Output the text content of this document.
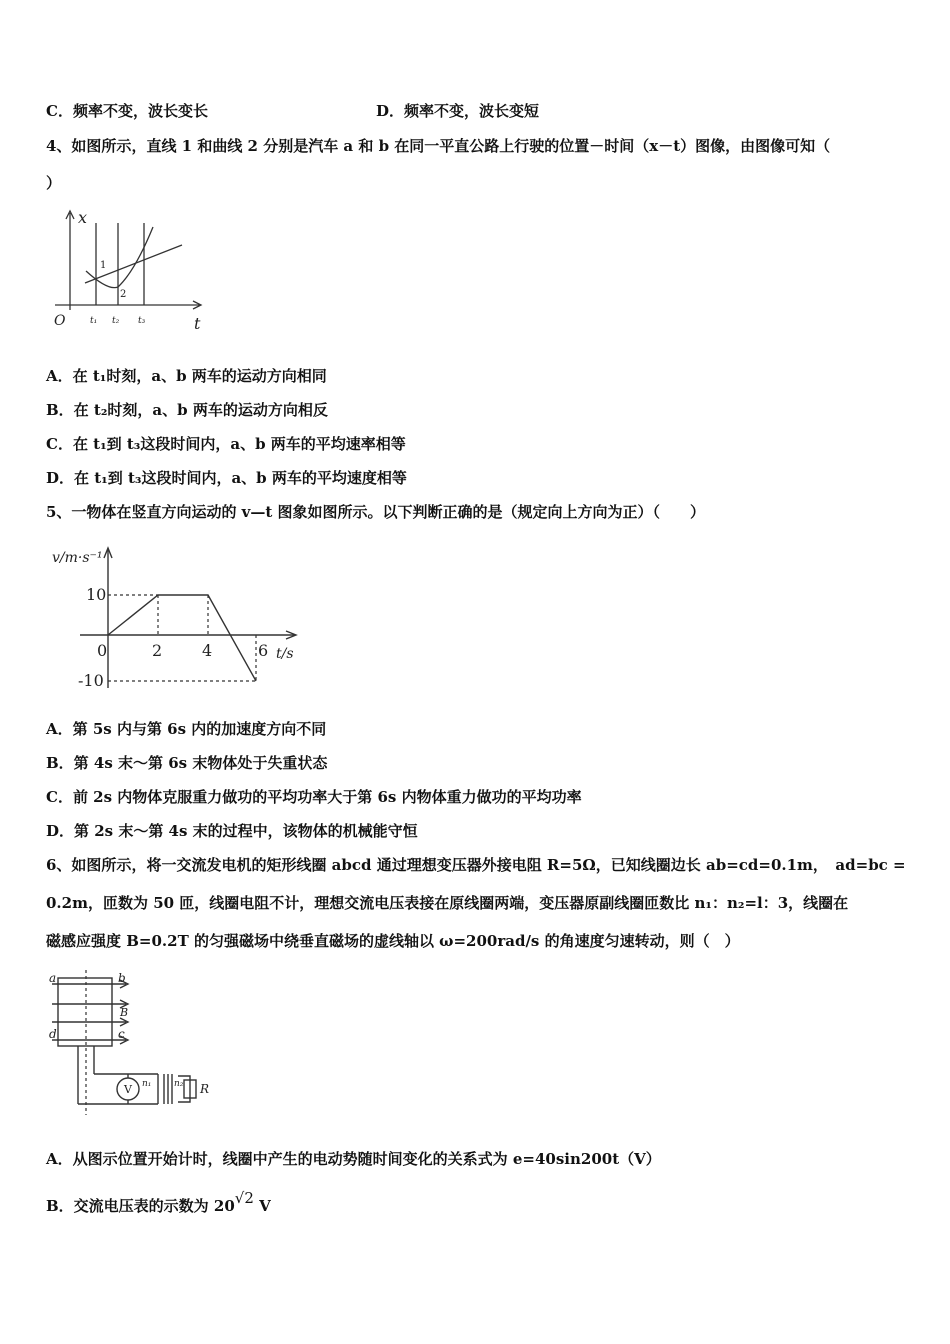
C．频率不变，波长变长	D．频率不变，波长变短
4、如图所示，直线 1 和曲线 2 分别是汽车 a 和 b 在同一平直公路上行驶的位置－时间（x－t）图像，由图像可知（
）
x
t
O	t₁ t₂ t₃
1
2
A．在 t₁时刻，a、b 两车的运动方向相同
B．在 t₂时刻，a、b 两车的运动方向相反
C．在 t₁到 t₃这段时间内，a、b 两车的平均速率相等
D．在 t₁到 t₃这段时间内，a、b 两车的平均速度相等
5、一物体在竖直方向运动的 v—t 图象如图所示。以下判断正确的是（规定向上方向为正）（　　）
v/m·s⁻¹
t/s
10
-10
0	2 4	6
A．第 5s 内与第 6s 内的加速度方向不同
B．第 4s 末～第 6s 末物体处于失重状态
C．前 2s 内物体克服重力做功的平均功率大于第 6s 内物体重力做功的平均功率
D．第 2s 末～第 4s 末的过程中，该物体的机械能守恒
6、如图所示，将一交流发电机的矩形线圈 abcd 通过理想变压器外接电阻 R=5Ω，已知线圈边长 ab=cd=0.1m，　ad=bc =
0.2m，匝数为 50 匝，线圈电阻不计，理想交流电压表接在原线圈两端，变压器原副线圈匝数比 n₁：n₂=l：3，线圈在
磁感应强度 B=0.2T 的匀强磁场中绕垂直磁场的虚线轴以 ω=200rad/s 的角速度匀速转动，则（　）
a	b
B
d	c
V n₁	n₂ R
A．从图示位置开始计时，线圈中产生的电动势随时间变化的关系式为 e=40sin200t（V）
B．交流电压表的示数为 20√2 V
